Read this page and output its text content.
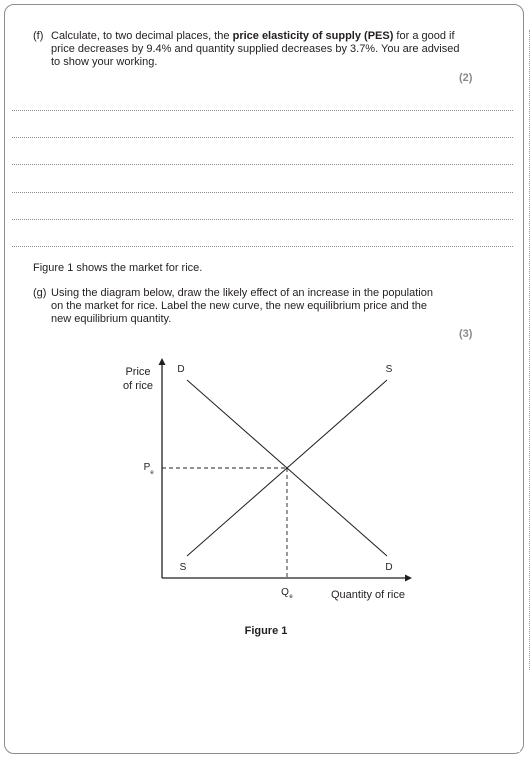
(f) Calculate, to two decimal places, the price elasticity of supply (PES) for a good if price decreases by 9.4% and quantity supplied decreases by 3.7%. You are advised to show your working.
(2)
Figure 1 shows the market for rice.
(g) Using the diagram below, draw the likely effect of an increase in the population on the market for rice. Label the new curve, the new equilibrium price and the new equilibrium quantity.
(3)
Price
of rice
Quantity of rice
D
D
S
S
P e
Q e
Figure 1
